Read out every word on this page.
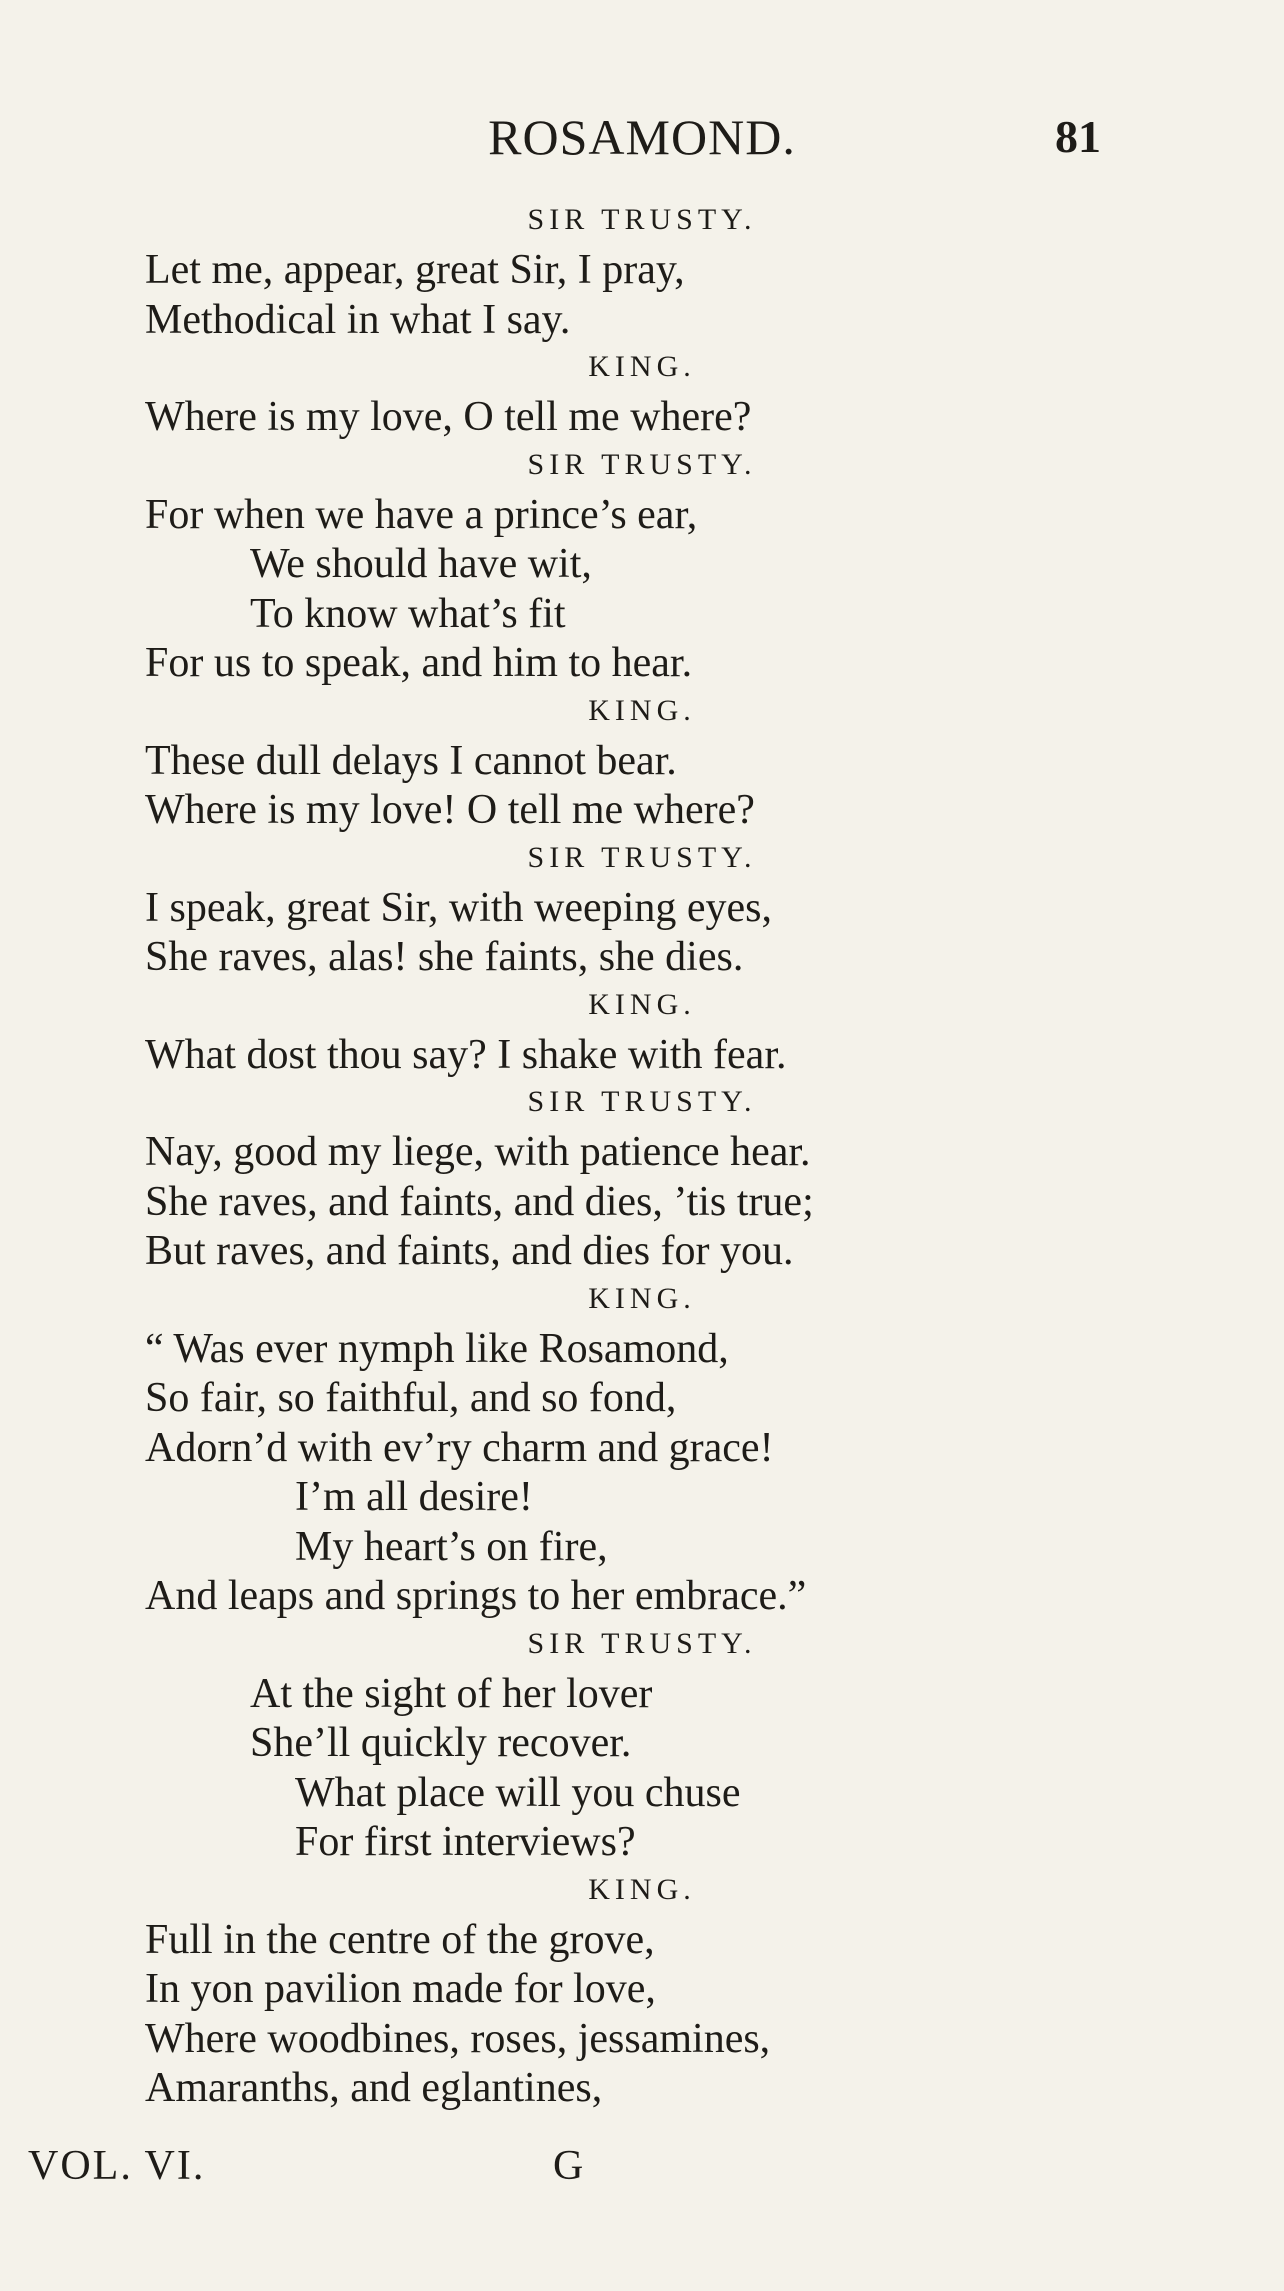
ROSAMOND.	81
SIR TRUSTY.
Let me, appear, great Sir, I pray,
Methodical in what I say.
KING.
Where is my love, O tell me where?
SIR TRUSTY.
For when we have a prince’s ear,
We should have wit,
To know what’s fit
For us to speak, and him to hear.
KING.
These dull delays I cannot bear.
Where is my love! O tell me where?
SIR TRUSTY.
I speak, great Sir, with weeping eyes,
She raves, alas! she faints, she dies.
KING.
What dost thou say? I shake with fear.
SIR TRUSTY.
Nay, good my liege, with patience hear.
She raves, and faints, and dies, ’tis true;
But raves, and faints, and dies for you.
KING.
“ Was ever nymph like Rosamond,
So fair, so faithful, and so fond,
Adorn’d with ev’ry charm and grace!
I’m all desire!
My heart’s on fire,
And leaps and springs to her embrace.”
SIR TRUSTY.
At the sight of her lover
She’ll quickly recover.
What place will you chuse
For first interviews?
KING.
Full in the centre of the grove,
In yon pavilion made for love,
Where woodbines, roses, jessamines,
Amaranths, and eglantines,
VOL. VI.	G
